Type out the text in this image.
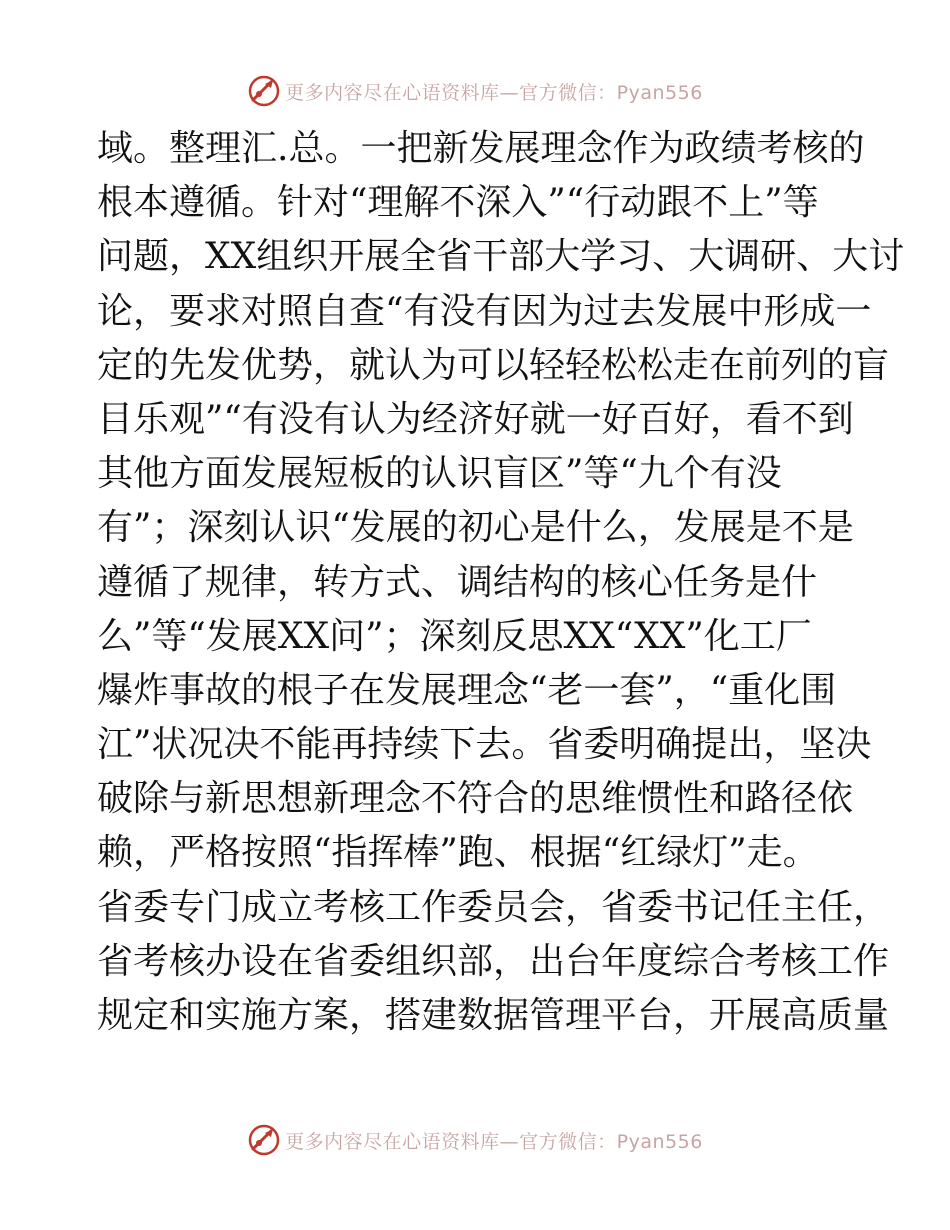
更多内容尽在心语资料库—官方微信：Pyan556
域。整理汇.总。一把新发展理念作为政绩考核的
根本遵循。针对“理解不深入”“行动跟不上”等
问题，XX组织开展全省干部大学习、大调研、大讨
论，要求对照自查“有没有因为过去发展中形成一
定的先发优势，就认为可以轻轻松松走在前列的盲
目乐观”“有没有认为经济好就一好百好，看不到
其他方面发展短板的认识盲区”等“九个有没
有”；深刻认识“发展的初心是什么，发展是不是
遵循了规律，转方式、调结构的核心任务是什
么”等“发展XX问”；深刻反思XX“XX”化工厂
爆炸事故的根子在发展理念“老一套”，“重化围
江”状况决不能再持续下去。省委明确提出，坚决
破除与新思想新理念不符合的思维惯性和路径依
赖，严格按照“指挥棒”跑、根据“红绿灯”走。
省委专门成立考核工作委员会，省委书记任主任，
省考核办设在省委组织部，出台年度综合考核工作
规定和实施方案，搭建数据管理平台，开展高质量
更多内容尽在心语资料库—官方微信：Pyan556
